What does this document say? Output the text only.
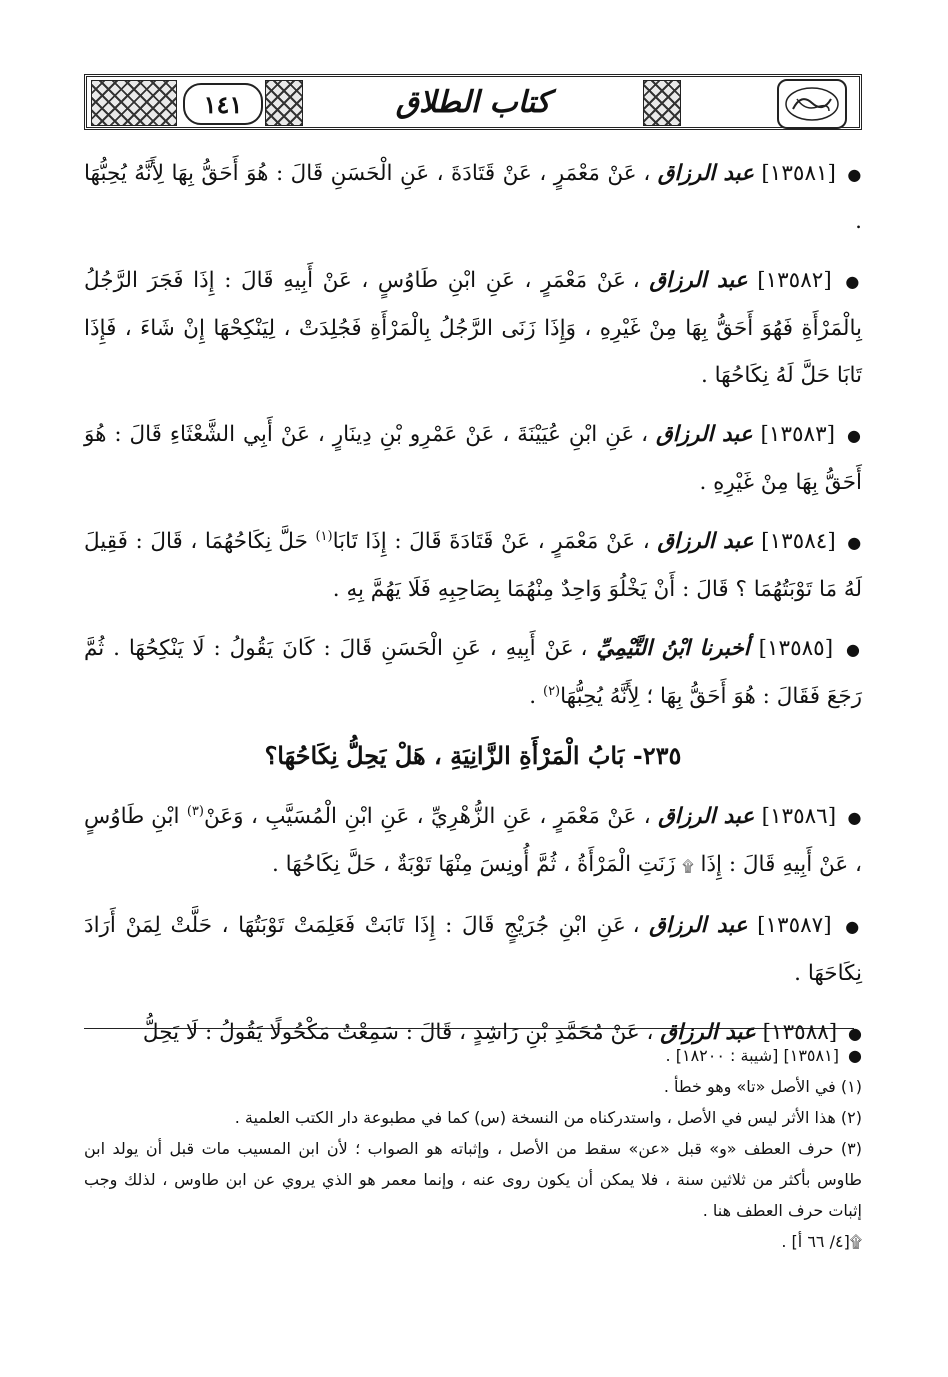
١٤١	كتاب الطلاق

● [١٣٥٨١] عبد الرزاق ، عَنْ مَعْمَرٍ ، عَنْ قَتَادَةَ ، عَنِ الْحَسَنِ قَالَ : هُوَ أَحَقُّ بِهَا لِأَنَّهُ يُحِبُّهَا .

● [١٣٥٨٢] عبد الرزاق ، عَنْ مَعْمَرٍ ، عَنِ ابْنِ طَاوُسٍ ، عَنْ أَبِيهِ قَالَ : إِذَا فَجَرَ الرَّجُلُ بِالْمَرْأَةِ فَهُوَ أَحَقُّ بِهَا مِنْ غَيْرِهِ ، وَإِذَا زَنَى الرَّجُلُ بِالْمَرْأَةِ فَجُلِدَتْ ، لِيَنْكِحْهَا إِنْ شَاءَ ، فَإِذَا تَابَا حَلَّ لَهُ نِكَاحُهَا .

● [١٣٥٨٣] عبد الرزاق ، عَنِ ابْنِ عُيَيْنَةَ ، عَنْ عَمْرِو بْنِ دِينَارٍ ، عَنْ أَبِي الشَّعْثَاءِ قَالَ : هُوَ أَحَقُّ بِهَا مِنْ غَيْرِهِ .

● [١٣٥٨٤] عبد الرزاق ، عَنْ مَعْمَرٍ ، عَنْ قَتَادَةَ قَالَ : إِذَا تَابَا$^{(١)}$ حَلَّ نِكَاحُهُمَا ، قَالَ : فَقِيلَ لَهُ مَا تَوْبَتُهُمَا ؟ قَالَ : أَنْ يَخْلُوَ وَاحِدٌ مِنْهُمَا بِصَاحِبِهِ فَلَا يَهُمَّ بِهِ .

● [١٣٥٨٥] أخبرنا ابْنُ التَّيْمِيِّ ، عَنْ أَبِيهِ ، عَنِ الْحَسَنِ قَالَ : كَانَ يَقُولُ : لَا يَنْكِحُهَا . ثُمَّ رَجَعَ فَقَالَ : هُوَ أَحَقُّ بِهَا ؛ لِأَنَّهُ يُحِبُّهَا$^{(٢)}$ .

٢٣٥- بَابُ الْمَرْأَةِ الزَّانِيَةِ ، هَلْ يَحِلُّ نِكَاحُهَا؟

● [١٣٥٨٦] عبد الرزاق ، عَنْ مَعْمَرٍ ، عَنِ الزُّهْرِيِّ ، عَنِ ابْنِ الْمُسَيَّبِ ، وَعَنْ$^{(٣)}$ ابْنِ طَاوُسٍ ، عَنْ أَبِيهِ قَالَ : إِذَا ۩ زَنَتِ الْمَرْأَةُ ، ثُمَّ أُونِسَ مِنْهَا تَوْبَةٌ ، حَلَّ نِكَاحُهَا .

● [١٣٥٨٧] عبد الرزاق ، عَنِ ابْنِ جُرَيْجٍ قَالَ : إِذَا تَابَتْ فَعَلِمَتْ تَوْبَتُهَا ، حَلَّتْ لِمَنْ أَرَادَ نِكَاحَهَا .

● [١٣٥٨٨] عبد الرزاق ، عَنْ مُحَمَّدِ بْنِ رَاشِدٍ ، قَالَ : سَمِعْتُ مَكْحُولًا يَقُولُ : لَا يَحِلُّ

● [١٣٥٨١] [شيبة : ١٨٢٠٠] .

(١) في الأصل «تا» وهو خطأ .

(٢) هذا الأثر ليس في الأصل ، واستدركناه من النسخة (س) كما في مطبوعة دار الكتب العلمية .

(٣) حرف العطف «و» قبل «عن» سقط من الأصل ، وإثباته هو الصواب ؛ لأن ابن المسيب مات قبل أن يولد ابن طاوس بأكثر من ثلاثين سنة ، فلا يمكن أن يكون روى عنه ، وإنما معمر هو الذي يروي عن ابن طاوس ، لذلك وجب إثبات حرف العطف هنا .

۩[٤/ ٦٦ أ] .
